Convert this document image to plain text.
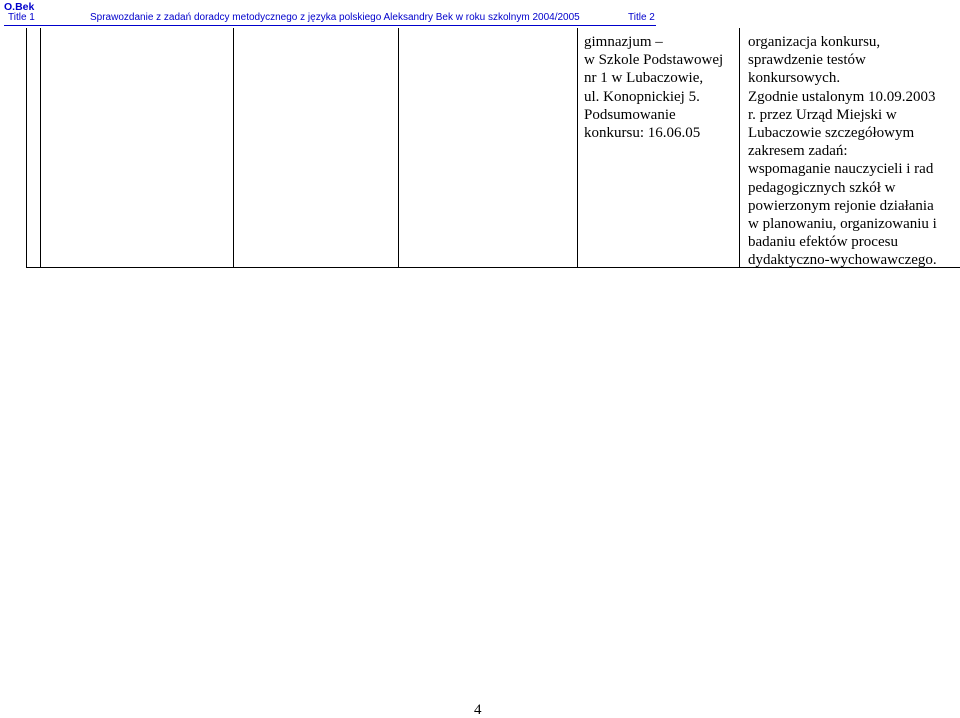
O.Bek
Title 1	Sprawozdanie z zadań doradcy metodycznego z języka polskiego Aleksandry Bek w roku szkolnym 2004/2005	Title 2

gimnazjum –
w Szkole Podstawowej
nr 1 w Lubaczowie,
ul. Konopnickiej 5.
Podsumowanie
konkursu: 16.06.05
organizacja konkursu,
sprawdzenie testów
konkursowych.
Zgodnie ustalonym 10.09.2003
r. przez Urząd Miejski w
Lubaczowie szczegółowym
zakresem zadań:
wspomaganie nauczycieli i rad
pedagogicznych szkół w
powierzonym rejonie działania
w planowaniu, organizowaniu i
badaniu efektów procesu
dydaktyczno-wychowawczego.
4
